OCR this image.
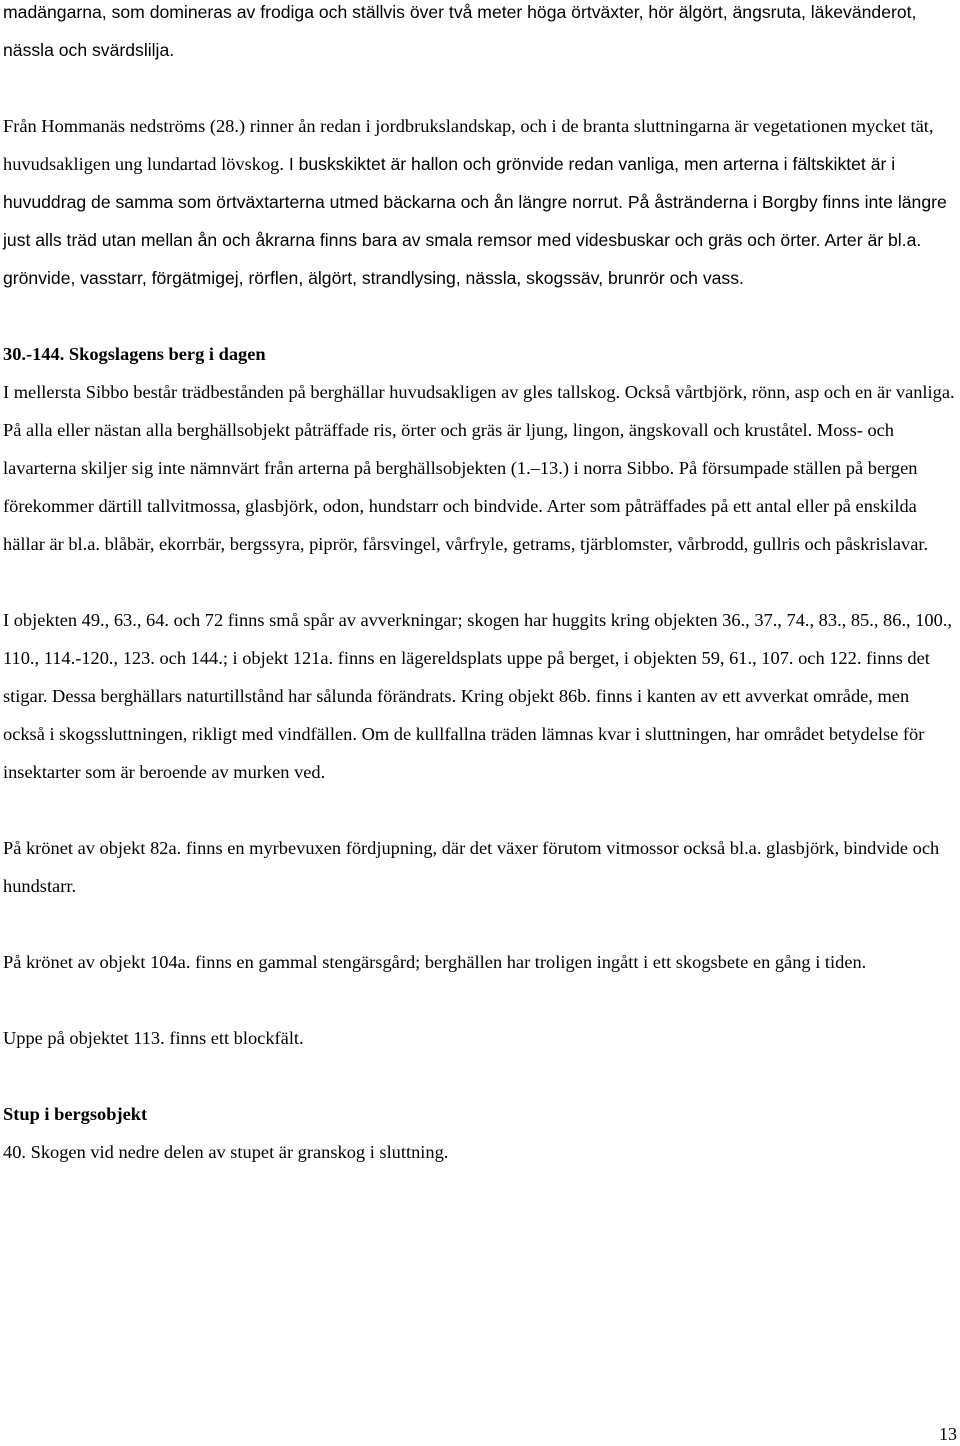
madängarna, som domineras av frodiga och ställvis över två meter höga örtväxter, hör älgört, ängsruta, läkevänderot, nässla och svärdslilja.

Från Hommanäs nedströms (28.) rinner ån redan i jordbrukslandskap, och i de branta sluttningarna är vegetationen mycket tät, huvudsakligen ung lundartad lövskog. I buskskiktet är hallon och grönvide redan vanliga, men arterna i fältskiktet är i huvuddrag de samma som örtväxtarterna utmed bäckarna och ån längre norrut. På åstränderna i Borgby finns inte längre just alls träd utan mellan ån och åkrarna finns bara av smala remsor med videsbuskar och gräs och örter. Arter är bl.a. grönvide, vasstarr, förgätmigej, rörflen, älgört, strandlysing, nässla, skogssäv, brunrör och vass.

30.-144. Skogslagens berg i dagen

I mellersta Sibbo består trädbestånden på berghällar huvudsakligen av gles tallskog. Också vårtbjörk, rönn, asp och en är vanliga. På alla eller nästan alla berghällsobjekt påträffade ris, örter och gräs är ljung, lingon, ängskovall och kruståtel. Moss- och lavarterna skiljer sig inte nämnvärt från arterna på berghällsobjekten (1.–13.) i norra Sibbo. På försumpade ställen på bergen förekommer därtill tallvitmossa, glasbjörk, odon, hundstarr och bindvide. Arter som påträffades på ett antal eller på enskilda hällar är bl.a. blåbär, ekorrbär, bergssyra, piprör, fårsvingel, vårfryle, getrams, tjärblomster, vårbrodd, gullris och påskrislavar.

I objekten 49., 63., 64. och 72 finns små spår av avverkningar; skogen har huggits kring objekten 36., 37., 74., 83., 85., 86., 100., 110., 114.-120., 123. och 144.; i objekt 121a. finns en lägereldsplats uppe på berget, i objekten 59, 61., 107. och 122. finns det stigar. Dessa berghällars naturtillstånd har sålunda förändrats. Kring objekt 86b. finns i kanten av ett avverkat område, men också i skogssluttningen, rikligt med vindfällen. Om de kullfallna träden lämnas kvar i sluttningen, har området betydelse för insektarter som är beroende av murken ved.

På krönet av objekt 82a. finns en myrbevuxen fördjupning, där det växer förutom vitmossor också bl.a. glasbjörk, bindvide och hundstarr.

På krönet av objekt 104a. finns en gammal stengärsgård; berghällen har troligen ingått i ett skogsbete en gång i tiden.

Uppe på objektet 113. finns ett blockfält.

Stup i bergsobjekt

40. Skogen vid nedre delen av stupet är granskog i sluttning.

13
